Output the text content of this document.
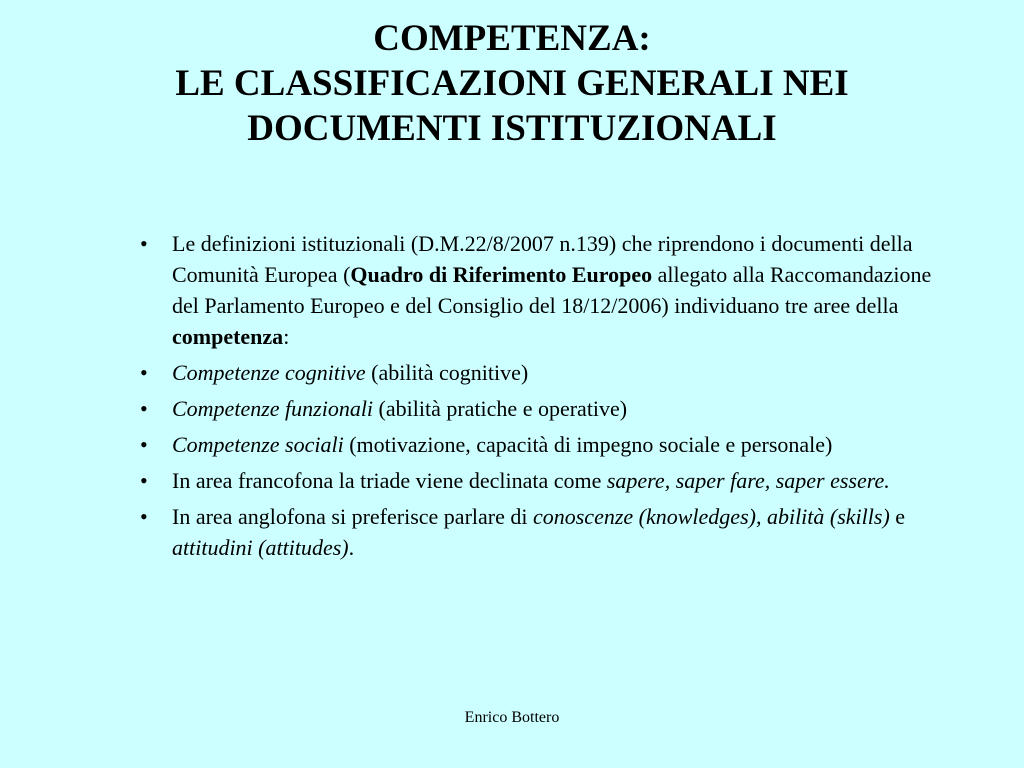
COMPETENZA:
LE CLASSIFICAZIONI GENERALI NEI
DOCUMENTI ISTITUZIONALI
•	Le definizioni istituzionali (D.M.22/8/2007 n.139) che riprendono i documenti della Comunità Europea (Quadro di Riferimento Europeo allegato alla Raccomandazione del Parlamento Europeo e del Consiglio del 18/12/2006) individuano tre aree della competenza:
•	Competenze cognitive (abilità cognitive)
•	Competenze funzionali (abilità pratiche e operative)
•	Competenze sociali (motivazione, capacità di impegno sociale e personale)
•	In area francofona la triade viene declinata come sapere, saper fare, saper essere.
•	In area anglofona si preferisce parlare di conoscenze (knowledges), abilità (skills) e attitudini (attitudes).
Enrico Bottero
